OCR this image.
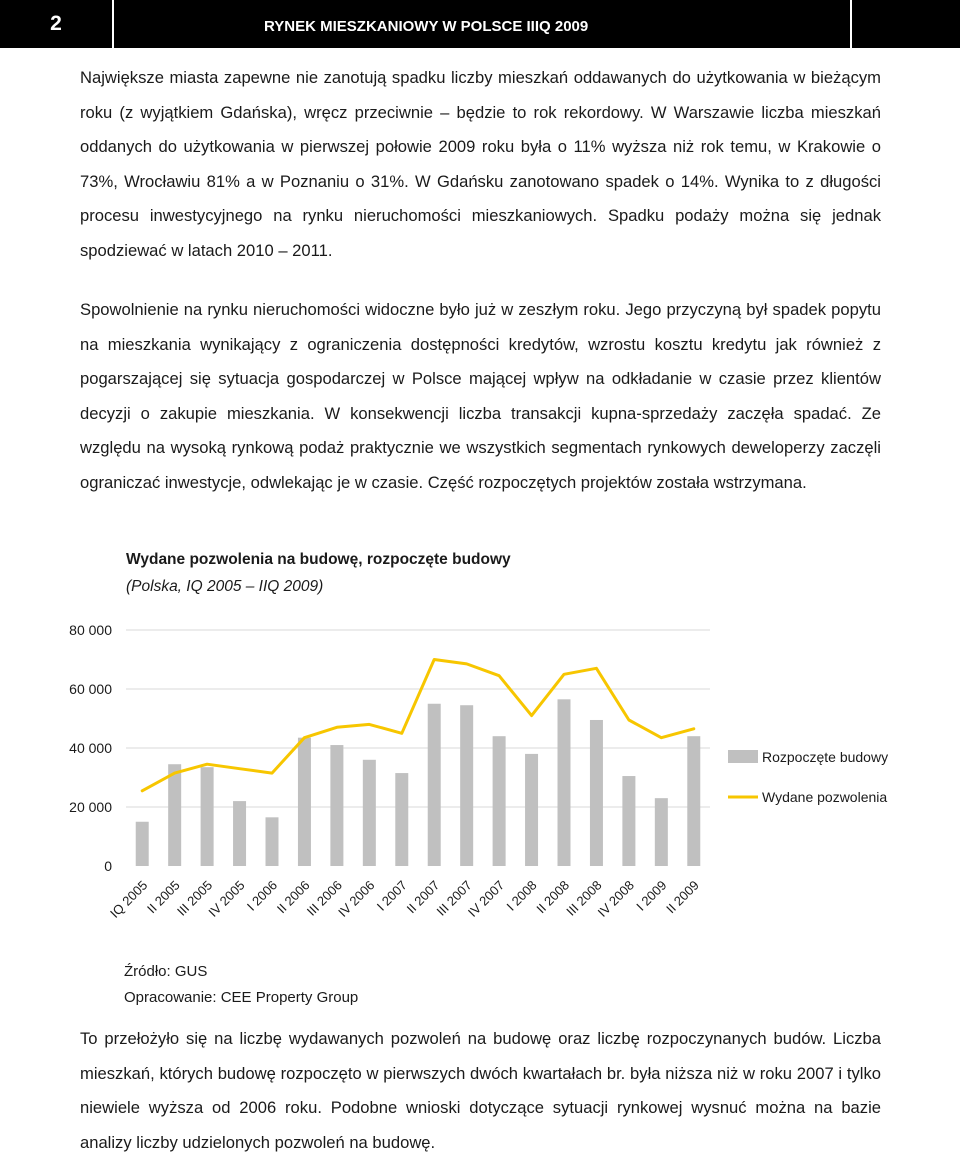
2	RYNEK MIESZKANIOWY W POLSCE IIIQ 2009
Największe miasta zapewne nie zanotują spadku liczby mieszkań oddawanych do użytkowania w bieżącym roku (z wyjątkiem Gdańska), wręcz przeciwnie – będzie to rok rekordowy. W Warszawie liczba mieszkań oddanych do użytkowania w pierwszej połowie 2009 roku była o 11% wyższa niż rok temu, w Krakowie o 73%, Wrocławiu 81% a w Poznaniu o 31%. W Gdańsku zanotowano spadek o 14%. Wynika to z długości procesu inwestycyjnego na rynku nieruchomości mieszkaniowych. Spadku podaży można się jednak spodziewać w latach 2010 – 2011.
Spowolnienie na rynku nieruchomości widoczne było już w zeszłym roku. Jego przyczyną był spadek popytu na mieszkania wynikający z ograniczenia dostępności kredytów, wzrostu kosztu kredytu jak również z pogarszającej się sytuacja gospodarczej w Polsce mającej wpływ na odkładanie w czasie przez klientów decyzji o zakupie mieszkania. W konsekwencji liczba transakcji kupna-sprzedaży zaczęła spadać. Ze względu na wysoką rynkową podaż praktycznie we wszystkich segmentach rynkowych deweloperzy zaczęli ograniczać inwestycje, odwlekając je w czasie. Część rozpoczętych projektów została wstrzymana.
Wydane pozwolenia na budowę, rozpoczęte budowy
(Polska, IQ 2005 – IIQ 2009)
0
20 000
40 000
60 000
80 000
IQ 2005
II 2005
III 2005
IV 2005
I 2006
II 2006
III 2006
IV 2006
I 2007
II 2007
III 2007
IV 2007
I 2008
II 2008
III 2008
IV 2008
I 2009
II 2009
Rozpoczęte budowy
Wydane pozwolenia
Źródło: GUS
Opracowanie: CEE Property Group
To przełożyło się na liczbę wydawanych pozwoleń na budowę oraz liczbę rozpoczynanych budów. Liczba mieszkań, których budowę rozpoczęto w pierwszych dwóch kwartałach br. była niższa niż w roku 2007 i tylko niewiele wyższa od 2006 roku. Podobne wnioski dotyczące sytuacji rynkowej wysnuć można na bazie analizy liczby udzielonych pozwoleń na budowę.
